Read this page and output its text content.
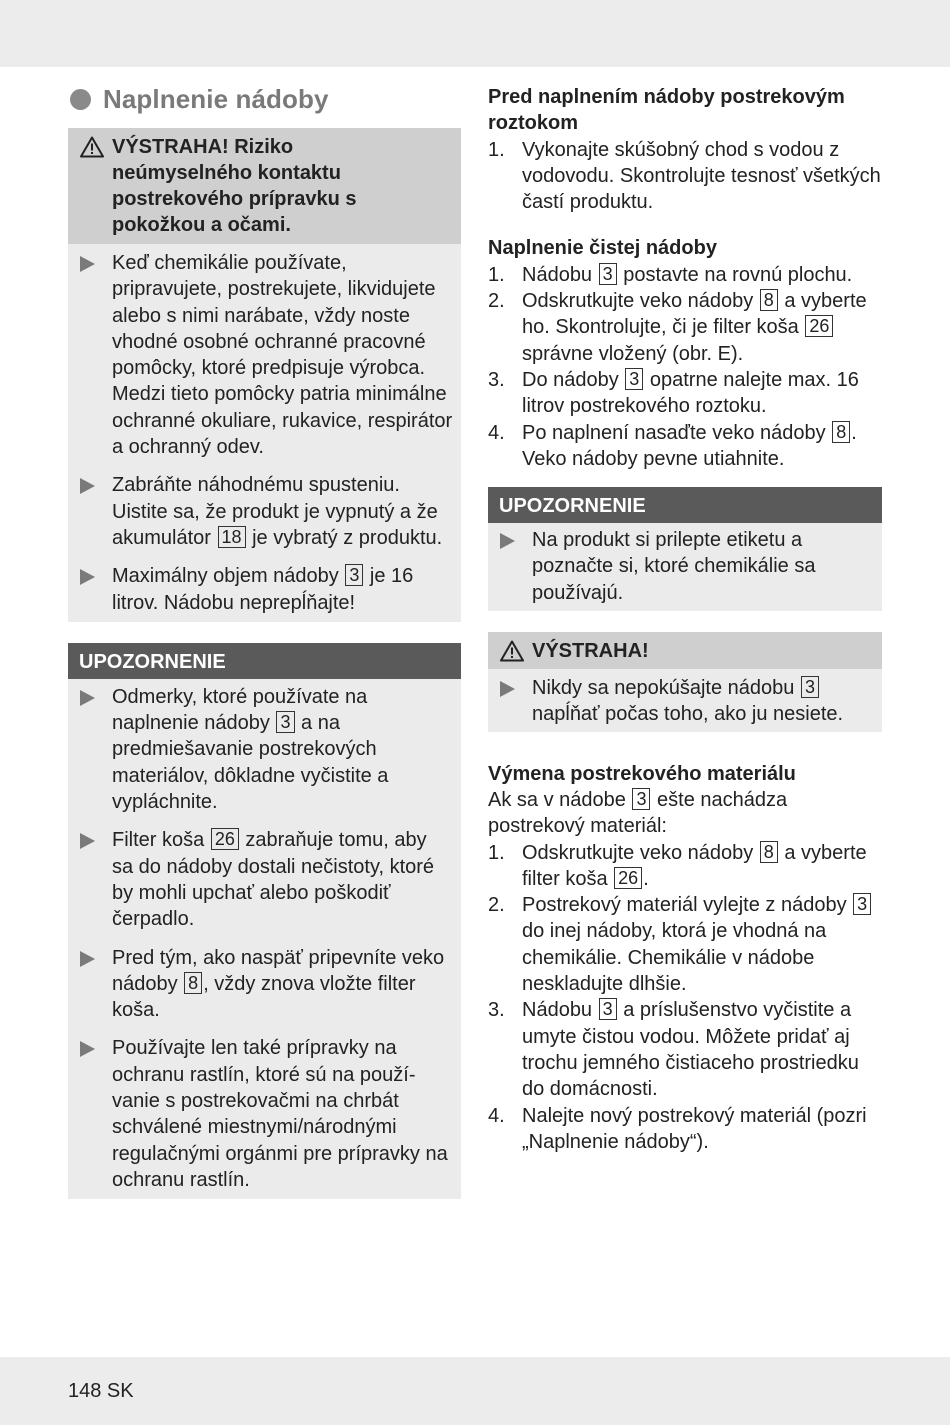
Naplnenie nádoby
VÝSTRAHA! Riziko
neúmyselného kontaktu
postrekového prípravku s
pokožkou a očami.
Keď chemikálie používate, pripravujete, postrekujete, likvidujete alebo s nimi narábate, vždy noste vhodné osobné ochranné pracovné pomôcky, ktoré predpisuje výrobca. Medzi tieto pomôcky patria minimálne ochranné okuliare, rukavice, respirátor a ochranný odev.
Zabráňte náhodnému spusteniu. Uistite sa, že produkt je vypnutý a že akumulátor 18 je vybratý z produktu.
Maximálny objem nádoby 3 je 16 litrov. Nádobu neprepĺňajte!
UPOZORNENIE
Odmerky, ktoré používate na naplnenie nádoby 3 a na predmiešavanie postrekových materiálov, dôkladne vyčistite a vypláchnite.
Filter koša 26 zabraňuje tomu, aby sa do nádoby dostali nečistoty, ktoré by mohli upchať alebo poškodiť čerpadlo.
Pred tým, ako naspäť pripevníte veko nádoby 8 , vždy znova vložte filter koša.
Používajte len také prípravky na ochranu rastlín, ktoré sú na použí-vanie s postrekovačmi na chrbát schválené miestnymi/národnými regulačnými orgánmi pre prípravky na ochranu rastlín.
Pred naplnením nádoby postrekovým
roztokom
1. Vykonajte skúšobný chod s vodou z vodovodu. Skontrolujte tesnosť všetkých častí produktu.
Naplnenie čistej nádoby
1. Nádobu 3 postavte na rovnú plochu.
2. Odskrutkujte veko nádoby 8 a vyberte ho. Skontrolujte, či je filter koša 26 správne vložený (obr. E).
3. Do nádoby 3 opatrne nalejte max. 16 litrov postrekového roztoku.
4. Po naplnení nasaďte veko nádoby 8 . Veko nádoby pevne utiahnite.
UPOZORNENIE
Na produkt si prilepte etiketu a poznačte si, ktoré chemikálie sa používajú.
VÝSTRAHA!
Nikdy sa nepokúšajte nádobu 3 napĺňať počas toho, ako ju nesiete.
Výmena postrekového materiálu
Ak sa v nádobe 3 ešte nachádza postrekový materiál:
1. Odskrutkujte veko nádoby 8 a vyberte filter koša 26 .
2. Postrekový materiál vylejte z nádoby 3 do inej nádoby, ktorá je vhodná na chemikálie. Chemikálie v nádobe neskladujte dlhšie.
3. Nádobu 3 a príslušenstvo vyčistite a umyte čistou vodou. Môžete pridať aj trochu jemného čistiaceho prostriedku do domácnosti.
4. Nalejte nový postrekový materiál (pozri „Naplnenie nádoby“).
148 SK
